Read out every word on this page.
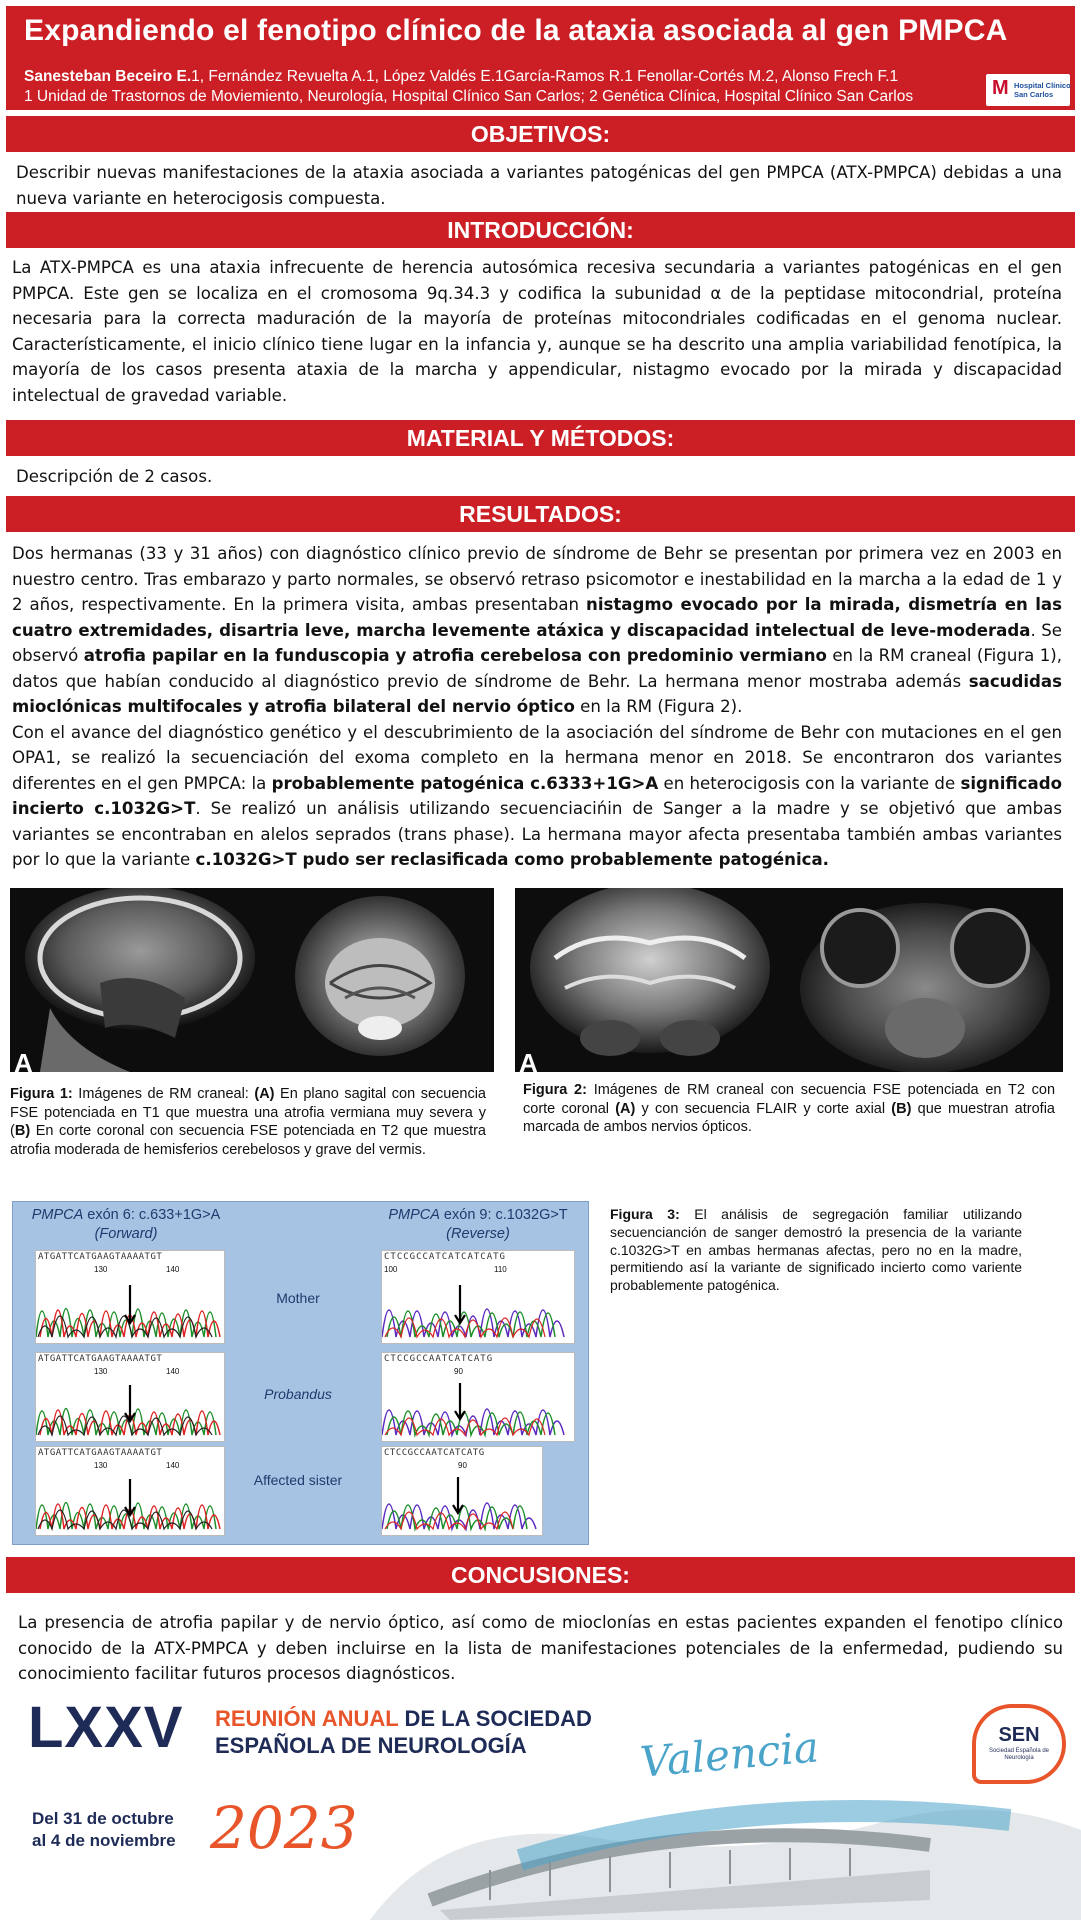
Expandiendo el fenotipo clínico de la ataxia asociada al gen PMPCA
Sanesteban Beceiro E.1, Fernández Revuelta A.1, López Valdés E.1García-Ramos R.1 Fenollar-Cortés M.2, Alonso Frech F.1
1 Unidad de Trastornos de Moviemiento, Neurología, Hospital Clínico San Carlos; 2 Genética Clínica, Hospital Clínico San Carlos	M Hospital Clínico
San Carlos
OBJETIVOS:
Describir nuevas manifestaciones de la ataxia asociada a variantes patogénicas del gen PMPCA (ATX-PMPCA) debidas a una nueva variante en heterocigosis compuesta.
INTRODUCCIÓN:
La ATX-PMPCA es una ataxia infrecuente de herencia autosómica recesiva secundaria a variantes patogénicas en el gen PMPCA. Este gen se localiza en el cromosoma 9q.34.3 y codifica la subunidad α de la peptidase mitocondrial, proteína necesaria para la correcta maduración de la mayoría de proteínas mitocondriales codificadas en el genoma nuclear. Característicamente, el inicio clínico tiene lugar en la infancia y, aunque se ha descrito una amplia variabilidad fenotípica, la mayoría de los casos presenta ataxia de la marcha y appendicular, nistagmo evocado por la mirada y discapacidad intelectual de gravedad variable.
MATERIAL Y MÉTODOS:
Descripción de 2 casos.
RESULTADOS:
Dos hermanas (33 y 31 años) con diagnóstico clínico previo de síndrome de Behr se presentan por primera vez en 2003 en nuestro centro. Tras embarazo y parto normales, se observó retraso psicomotor e inestabilidad en la marcha a la edad de 1 y 2 años, respectivamente. En la primera visita, ambas presentaban nistagmo evocado por la mirada, dismetría en las cuatro extremidades, disartria leve, marcha levemente atáxica y discapacidad intelectual de leve-moderada. Se observó atrofia papilar en la funduscopia y atrofia cerebelosa con predominio vermiano en la RM craneal (Figura 1), datos que habían conducido al diagnóstico previo de síndrome de Behr. La hermana menor mostraba además sacudidas mioclónicas multifocales y atrofia bilateral del nervio óptico en la RM (Figura 2).
Con el avance del diagnóstico genético y el descubrimiento de la asociación del síndrome de Behr con mutaciones en el gen OPA1, se realizó la secuenciación del exoma completo en la hermana menor en 2018. Se encontraron dos variantes diferentes en el gen PMPCA: la probablemente patogénica c.6333+1G>A en heterocigosis con la variante de significado incierto c.1032G>T. Se realizó un análisis utilizando secuenciacińin de Sanger a la madre y se objetivó que ambas variantes se encontraban en alelos seprados (trans phase). La hermana mayor afecta presentaba también ambas variantes por lo que la variante c.1032G>T pudo ser reclasificada como probablemente patogénica.
A
Figura 1: Imágenes de RM craneal: (A) En plano sagital con secuencia FSE potenciada en T1 que muestra una atrofia vermiana muy severa y (B) En corte coronal con secuencia FSE potenciada en T2 que muestra atrofia moderada de hemisferios cerebelosos y grave del vermis.
A
Figura 2: Imágenes de RM craneal con secuencia FSE potenciada en T2 con corte coronal (A) y con secuencia FLAIR y corte axial (B) que muestran atrofia marcada de ambos nervios ópticos.
PMPCA exón 6: c.633+1G>A
(Forward)
PMPCA exón 9: c.1032G>T
(Reverse)
Mother
Probandus
Affected sister
ATGATTCATGAAGTAAAATGT
130	140
ATGATTCATGAAGTAAAATGT
130	140
ATGATTCATGAAGTAAAATGT
130	140
CTCCGCCATCATCATCATG
100	110
CTCCGCCAATCATCATG
90
CTCCGCCAATCATCATG
90
Figura 3: El análisis de segregación familiar utilizando secuencianción de sanger demostró la presencia de la variante c.1032G>T en ambas hermanas afectas, pero no en la madre, permitiendo así la variante de significado incierto como variente probablemente patogénica.
CONCUSIONES:
La presencia de atrofia papilar y de nervio óptico, así como de mioclonías en estas pacientes expanden el fenotipo clínico conocido de la ATX-PMPCA y deben incluirse en la lista de manifestaciones potenciales de la enfermedad, pudiendo su conocimiento facilitar futuros procesos diagnósticos.
LXXV REUNIÓN ANUAL DE LA SOCIEDAD
ESPAÑOLA DE NEUROLOGÍA
Del 31 de octubre
al 4 de noviembre 2023
Valencia	SEN
Sociedad Española de Neurología
